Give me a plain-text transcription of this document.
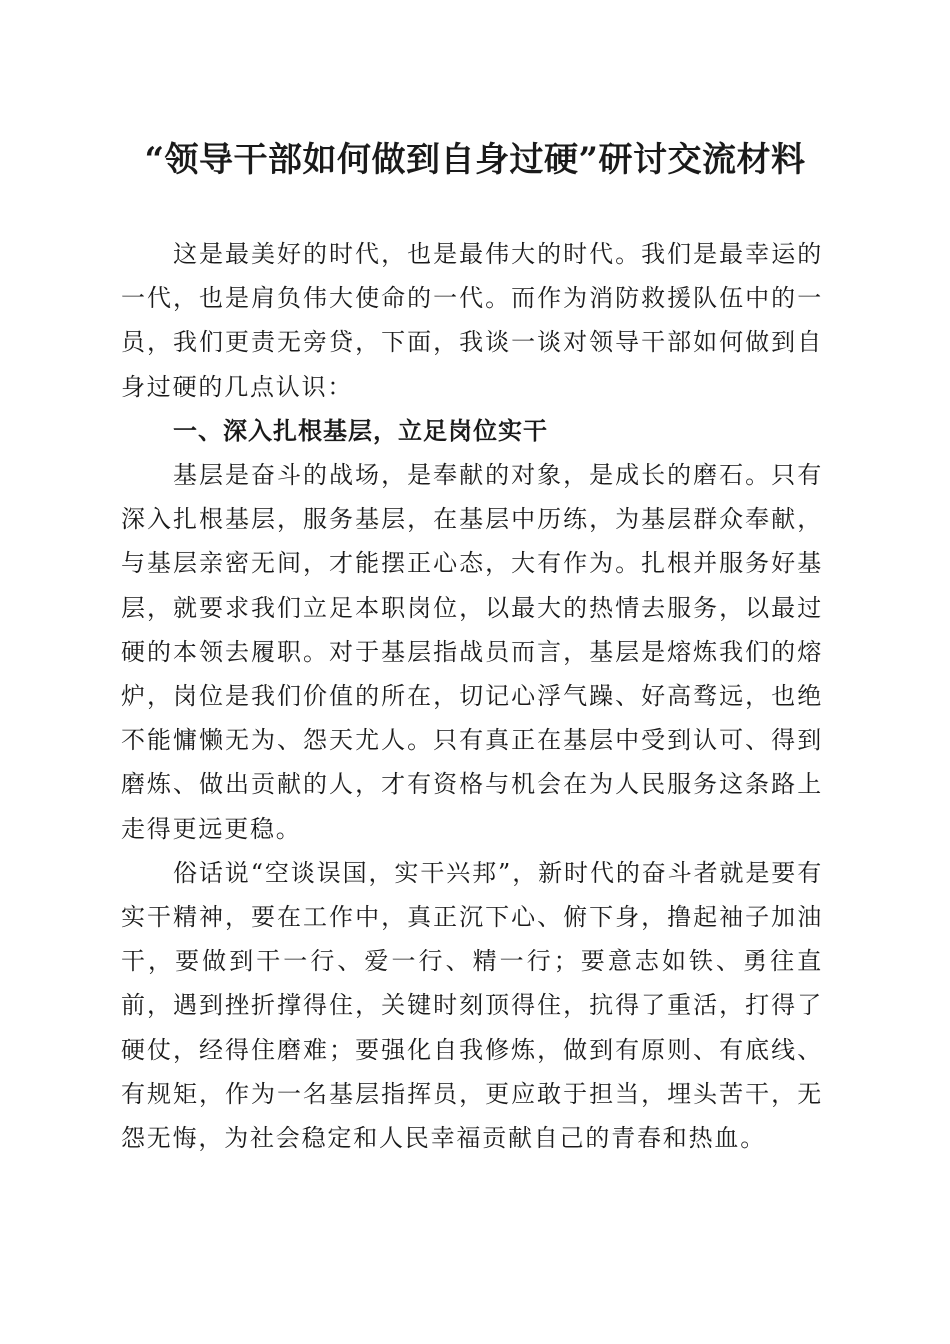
“领导干部如何做到自身过硬”研讨交流材料

这是最美好的时代，也是最伟大的时代。我们是最幸运的一代，也是肩负伟大使命的一代。而作为消防救援队伍中的一员，我们更责无旁贷，下面，我谈一谈对领导干部如何做到自身过硬的几点认识：

一、深入扎根基层，立足岗位实干

基层是奋斗的战场，是奉献的对象，是成长的磨石。只有深入扎根基层，服务基层，在基层中历练，为基层群众奉献，与基层亲密无间，才能摆正心态，大有作为。扎根并服务好基层，就要求我们立足本职岗位，以最大的热情去服务，以最过硬的本领去履职。对于基层指战员而言，基层是熔炼我们的熔炉，岗位是我们价值的所在，切记心浮气躁、好高骛远，也绝不能慵懒无为、怨天尤人。只有真正在基层中受到认可、得到磨炼、做出贡献的人，才有资格与机会在为人民服务这条路上走得更远更稳。

俗话说“空谈误国，实干兴邦”，新时代的奋斗者就是要有实干精神，要在工作中，真正沉下心、俯下身，撸起袖子加油干，要做到干一行、爱一行、精一行；要意志如铁、勇往直前，遇到挫折撑得住，关键时刻顶得住，抗得了重活，打得了硬仗，经得住磨难；要强化自我修炼，做到有原则、有底线、有规矩，作为一名基层指挥员，更应敢于担当，埋头苦干，无怨无悔，为社会稳定和人民幸福贡献自己的青春和热血。
